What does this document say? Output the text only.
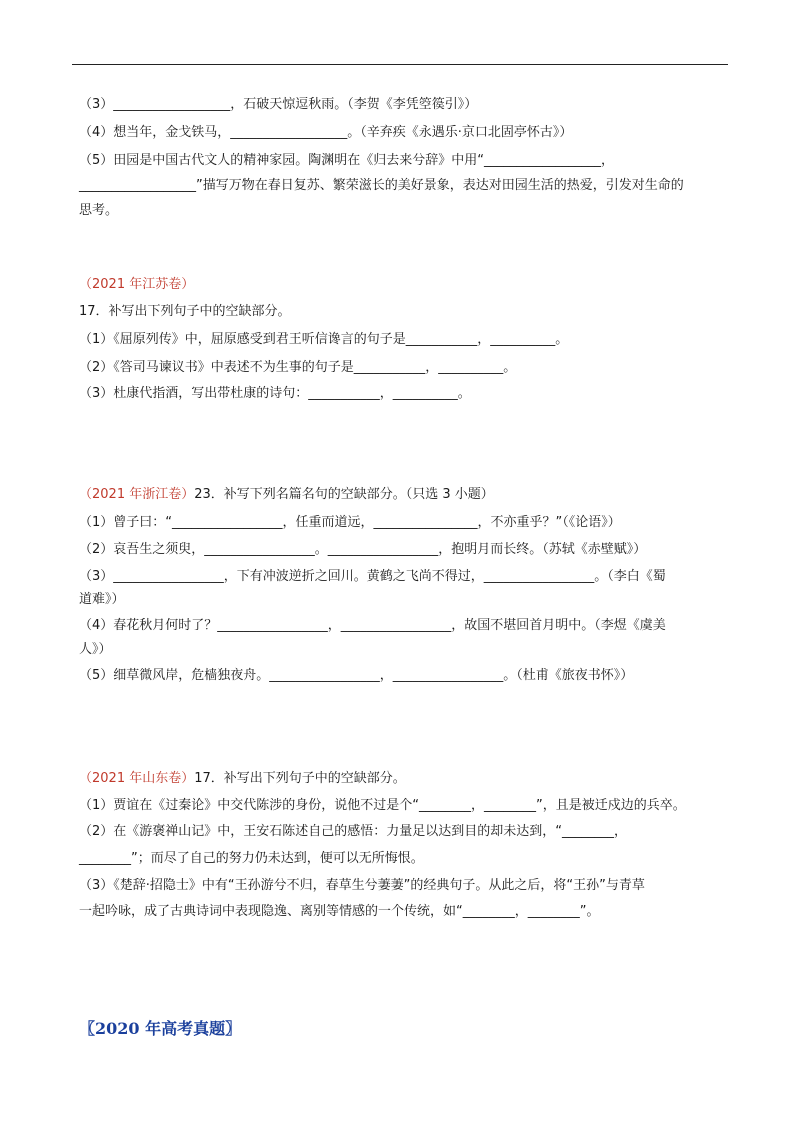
（3）__________________，石破天惊逗秋雨。（李贺《李凭箜篌引》）
（4）想当年，金戈铁马，__________________。（辛弃疾《永遇乐·京口北固亭怀古》）
（5）田园是中国古代文人的精神家园。陶渊明在《归去来兮辞》中用“__________________，
__________________”描写万物在春日复苏、繁荣滋长的美好景象，表达对田园生活的热爱，引发对生命的
思考。
（2021 年江苏卷）
17．补写出下列句子中的空缺部分。
（1）《屈原列传》中，屈原感受到君王听信谗言的句子是___________，__________。
（2）《答司马谏议书》中表述不为生事的句子是___________，__________。
（3）杜康代指酒，写出带杜康的诗句：___________，__________。
（2021 年浙江卷）23．补写下列名篇名句的空缺部分。（只选 3 小题）
（1）曾子曰：“_________________，任重而道远，________________，不亦重乎？”（《论语》）
（2）哀吾生之须臾，_________________。_________________，抱明月而长终。（苏轼《赤壁赋》）
（3）_________________，下有冲波逆折之回川。黄鹤之飞尚不得过，_________________。（李白《蜀
道难》）
（4）春花秋月何时了？_________________，_________________，故国不堪回首月明中。（李煜《虞美
人》）
（5）细草微风岸，危樯独夜舟。_________________，_________________。（杜甫《旅夜书怀》）
（2021 年山东卷）17．补写出下列句子中的空缺部分。
（1）贾谊在《过秦论》中交代陈涉的身份，说他不过是个“________，________”，且是被迁戍边的兵卒。
（2）在《游褒禅山记》中，王安石陈述自己的感悟：力量足以达到目的却未达到，“________，
________”；而尽了自己的努力仍未达到，便可以无所悔恨。
（3）《楚辞·招隐士》中有“王孙游兮不归，春草生兮萋萋”的经典句子。从此之后，将“王孙”与青草
一起吟咏，成了古典诗词中表现隐逸、离别等情感的一个传统，如“________，________”。
〖2020 年高考真题〗
